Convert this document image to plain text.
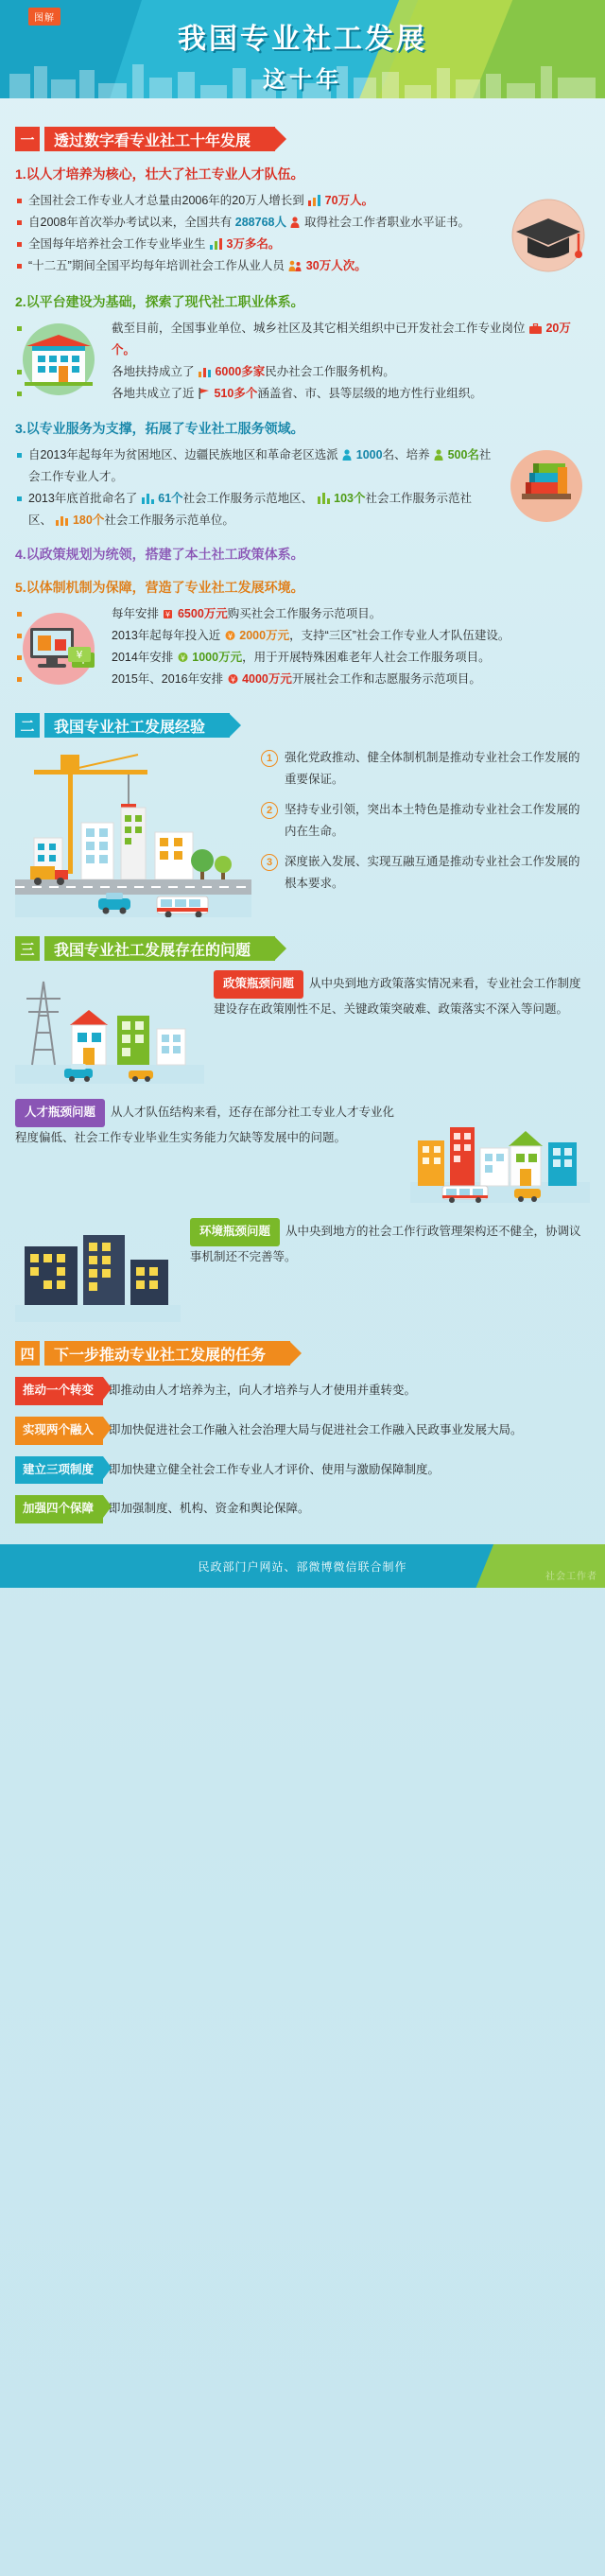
图解
我国专业社工发展
这十年
一	透过数字看专业社工十年发展
1.以人才培养为核心，壮大了社工专业人才队伍。
全国社会工作专业人才总量由2006年的20万人增长到
70万人。
自2008年首次举办考试以来，全国共有 288768人
取得社会工作者职业水平证书。
全国每年培养社会工作专业毕业生
3万多名。
“十二五”期间全国平均每年培训社会工作从业人员
30万人次。
2.以平台建设为基础，探索了现代社工职业体系。
截至目前，全国事业单位、城乡社区及其它相关组织中已开发社会工作专业岗位
20万个。
各地扶持成立了
6000多家民办社会工作服务机构。
各地共成立了近
510多个涵盖省、市、县等层级的地方性行业组织。
3.以专业服务为支撑，拓展了专业社工服务领域。
自2013年起每年为贫困地区、边疆民族地区和革命老区选派
1000名、培养
500名社会工作专业人才。
2013年底首批命名了
61个社会工作服务示范地区、
103个社会工作服务示范社区、
180个社会工作服务示范单位。
4.以政策规划为统领，搭建了本土社工政策体系。
5.以体制机制为保障，营造了专业社工发展环境。
¥
每年安排 ¥ 6500万元购买社会工作服务示范项目。
2013年起每年投入近 ¥ 2000万元，支持“三区”社会工作专业人才队伍建设。
2014年安排 ¥ 1000万元，用于开展特殊困难老年人社会工作服务项目。
2015年、2016年安排 ¥ 4000万元开展社会工作和志愿服务示范项目。
二	我国专业社工发展经验
1	强化党政推动、健全体制机制是推动专业社会工作发展的重要保证。
2	坚持专业引领，突出本土特色是推动专业社会工作发展的内在生命。
3	深度嵌入发展、实现互融互通是推动专业社会工作发展的根本要求。
三	我国专业社工发展存在的问题
政策瓶颈问题 从中央到地方政策落实情况来看，专业社会工作制度建设存在政策刚性不足、关键政策突破难、政策落实不深入等问题。
人才瓶颈问题 从人才队伍结构来看，还存在部分社工专业人才专业化程度偏低、社会工作专业毕业生实务能力欠缺等发展中的问题。
环境瓶颈问题 从中央到地方的社会工作行政管理架构还不健全，协调议事机制还不完善等。
四	下一步推动专业社工发展的任务
推动一个转变 即推动由人才培养为主，向人才培养与人才使用并重转变。
实现两个融入 即加快促进社会工作融入社会治理大局与促进社会工作融入民政事业发展大局。
建立三项制度 即加快建立健全社会工作专业人才评价、使用与激励保障制度。
加强四个保障 即加强制度、机构、资金和舆论保障。
民政部门户网站、部微博微信联合制作
社会工作者
